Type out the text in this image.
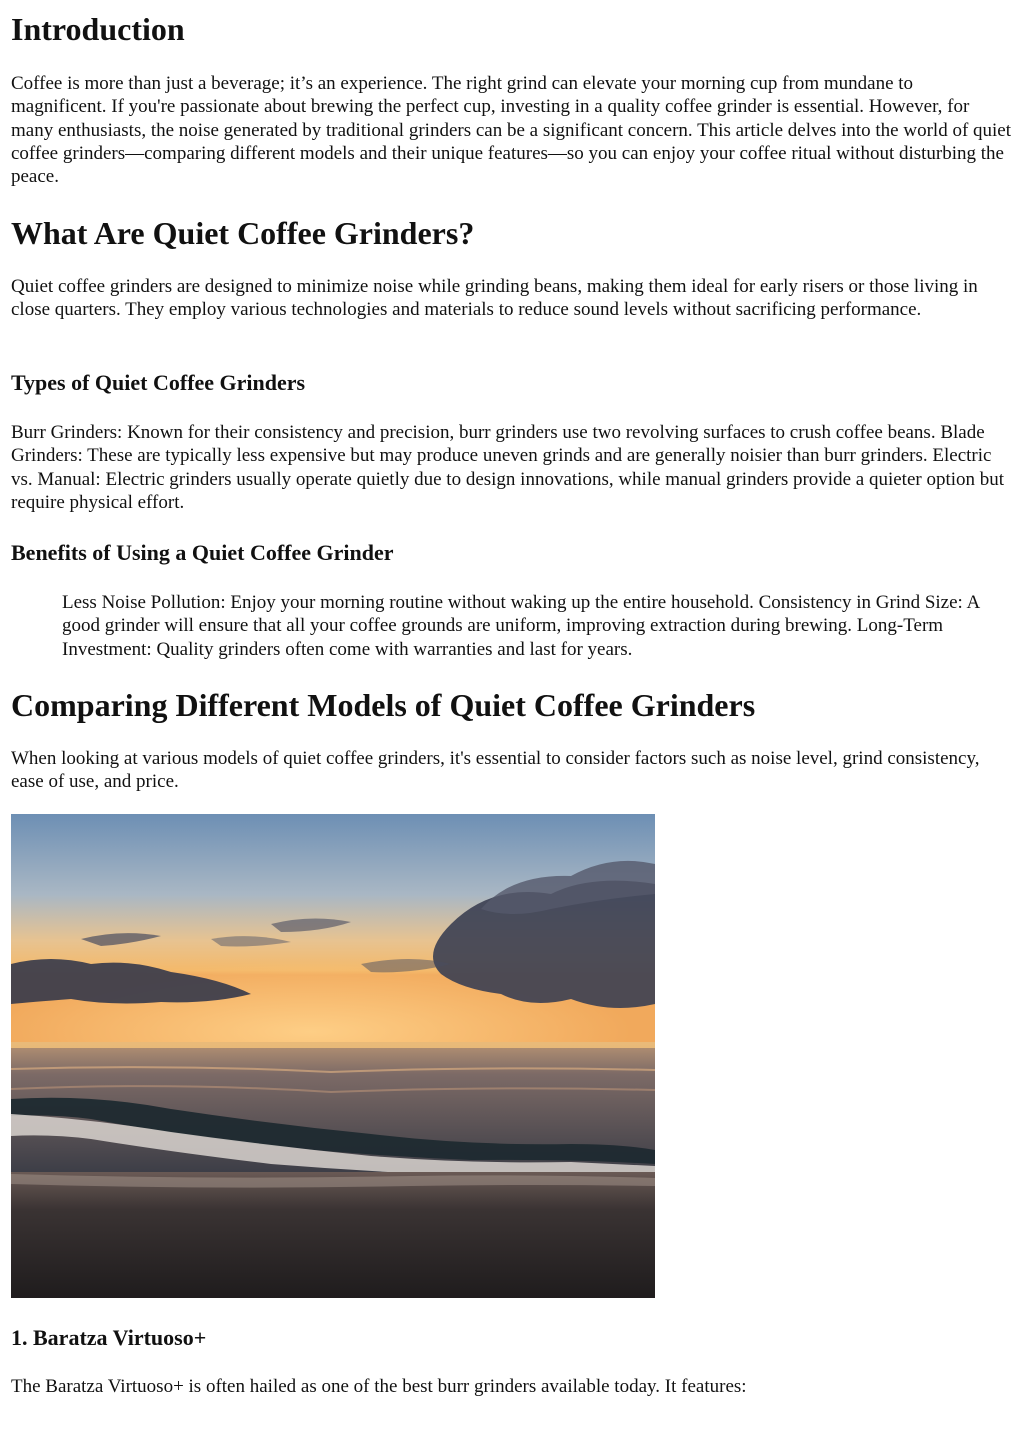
Introduction

Coffee is more than just a beverage; it’s an experience. The right grind can elevate your morning cup from mundane to magnificent. If you're passionate about brewing the perfect cup, investing in a quality coffee grinder is essential. However, for many enthusiasts, the noise generated by traditional grinders can be a significant concern. This article delves into the world of quiet coffee grinders—comparing different models and their unique features—so you can enjoy your coffee ritual without disturbing the peace.

What Are Quiet Coffee Grinders?

Quiet coffee grinders are designed to minimize noise while grinding beans, making them ideal for early risers or those living in close quarters. They employ various technologies and materials to reduce sound levels without sacrificing performance.

Types of Quiet Coffee Grinders

Burr Grinders: Known for their consistency and precision, burr grinders use two revolving surfaces to crush coffee beans. Blade Grinders: These are typically less expensive but may produce uneven grinds and are generally noisier than burr grinders. Electric vs. Manual: Electric grinders usually operate quietly due to design innovations, while manual grinders provide a quieter option but require physical effort.

Benefits of Using a Quiet Coffee Grinder

Less Noise Pollution: Enjoy your morning routine without waking up the entire household. Consistency in Grind Size: A good grinder will ensure that all your coffee grounds are uniform, improving extraction during brewing. Long-Term Investment: Quality grinders often come with warranties and last for years.

Comparing Different Models of Quiet Coffee Grinders

When looking at various models of quiet coffee grinders, it's essential to consider factors such as noise level, grind consistency, ease of use, and price.

1. Baratza Virtuoso+

The Baratza Virtuoso+ is often hailed as one of the best burr grinders available today. It features:
